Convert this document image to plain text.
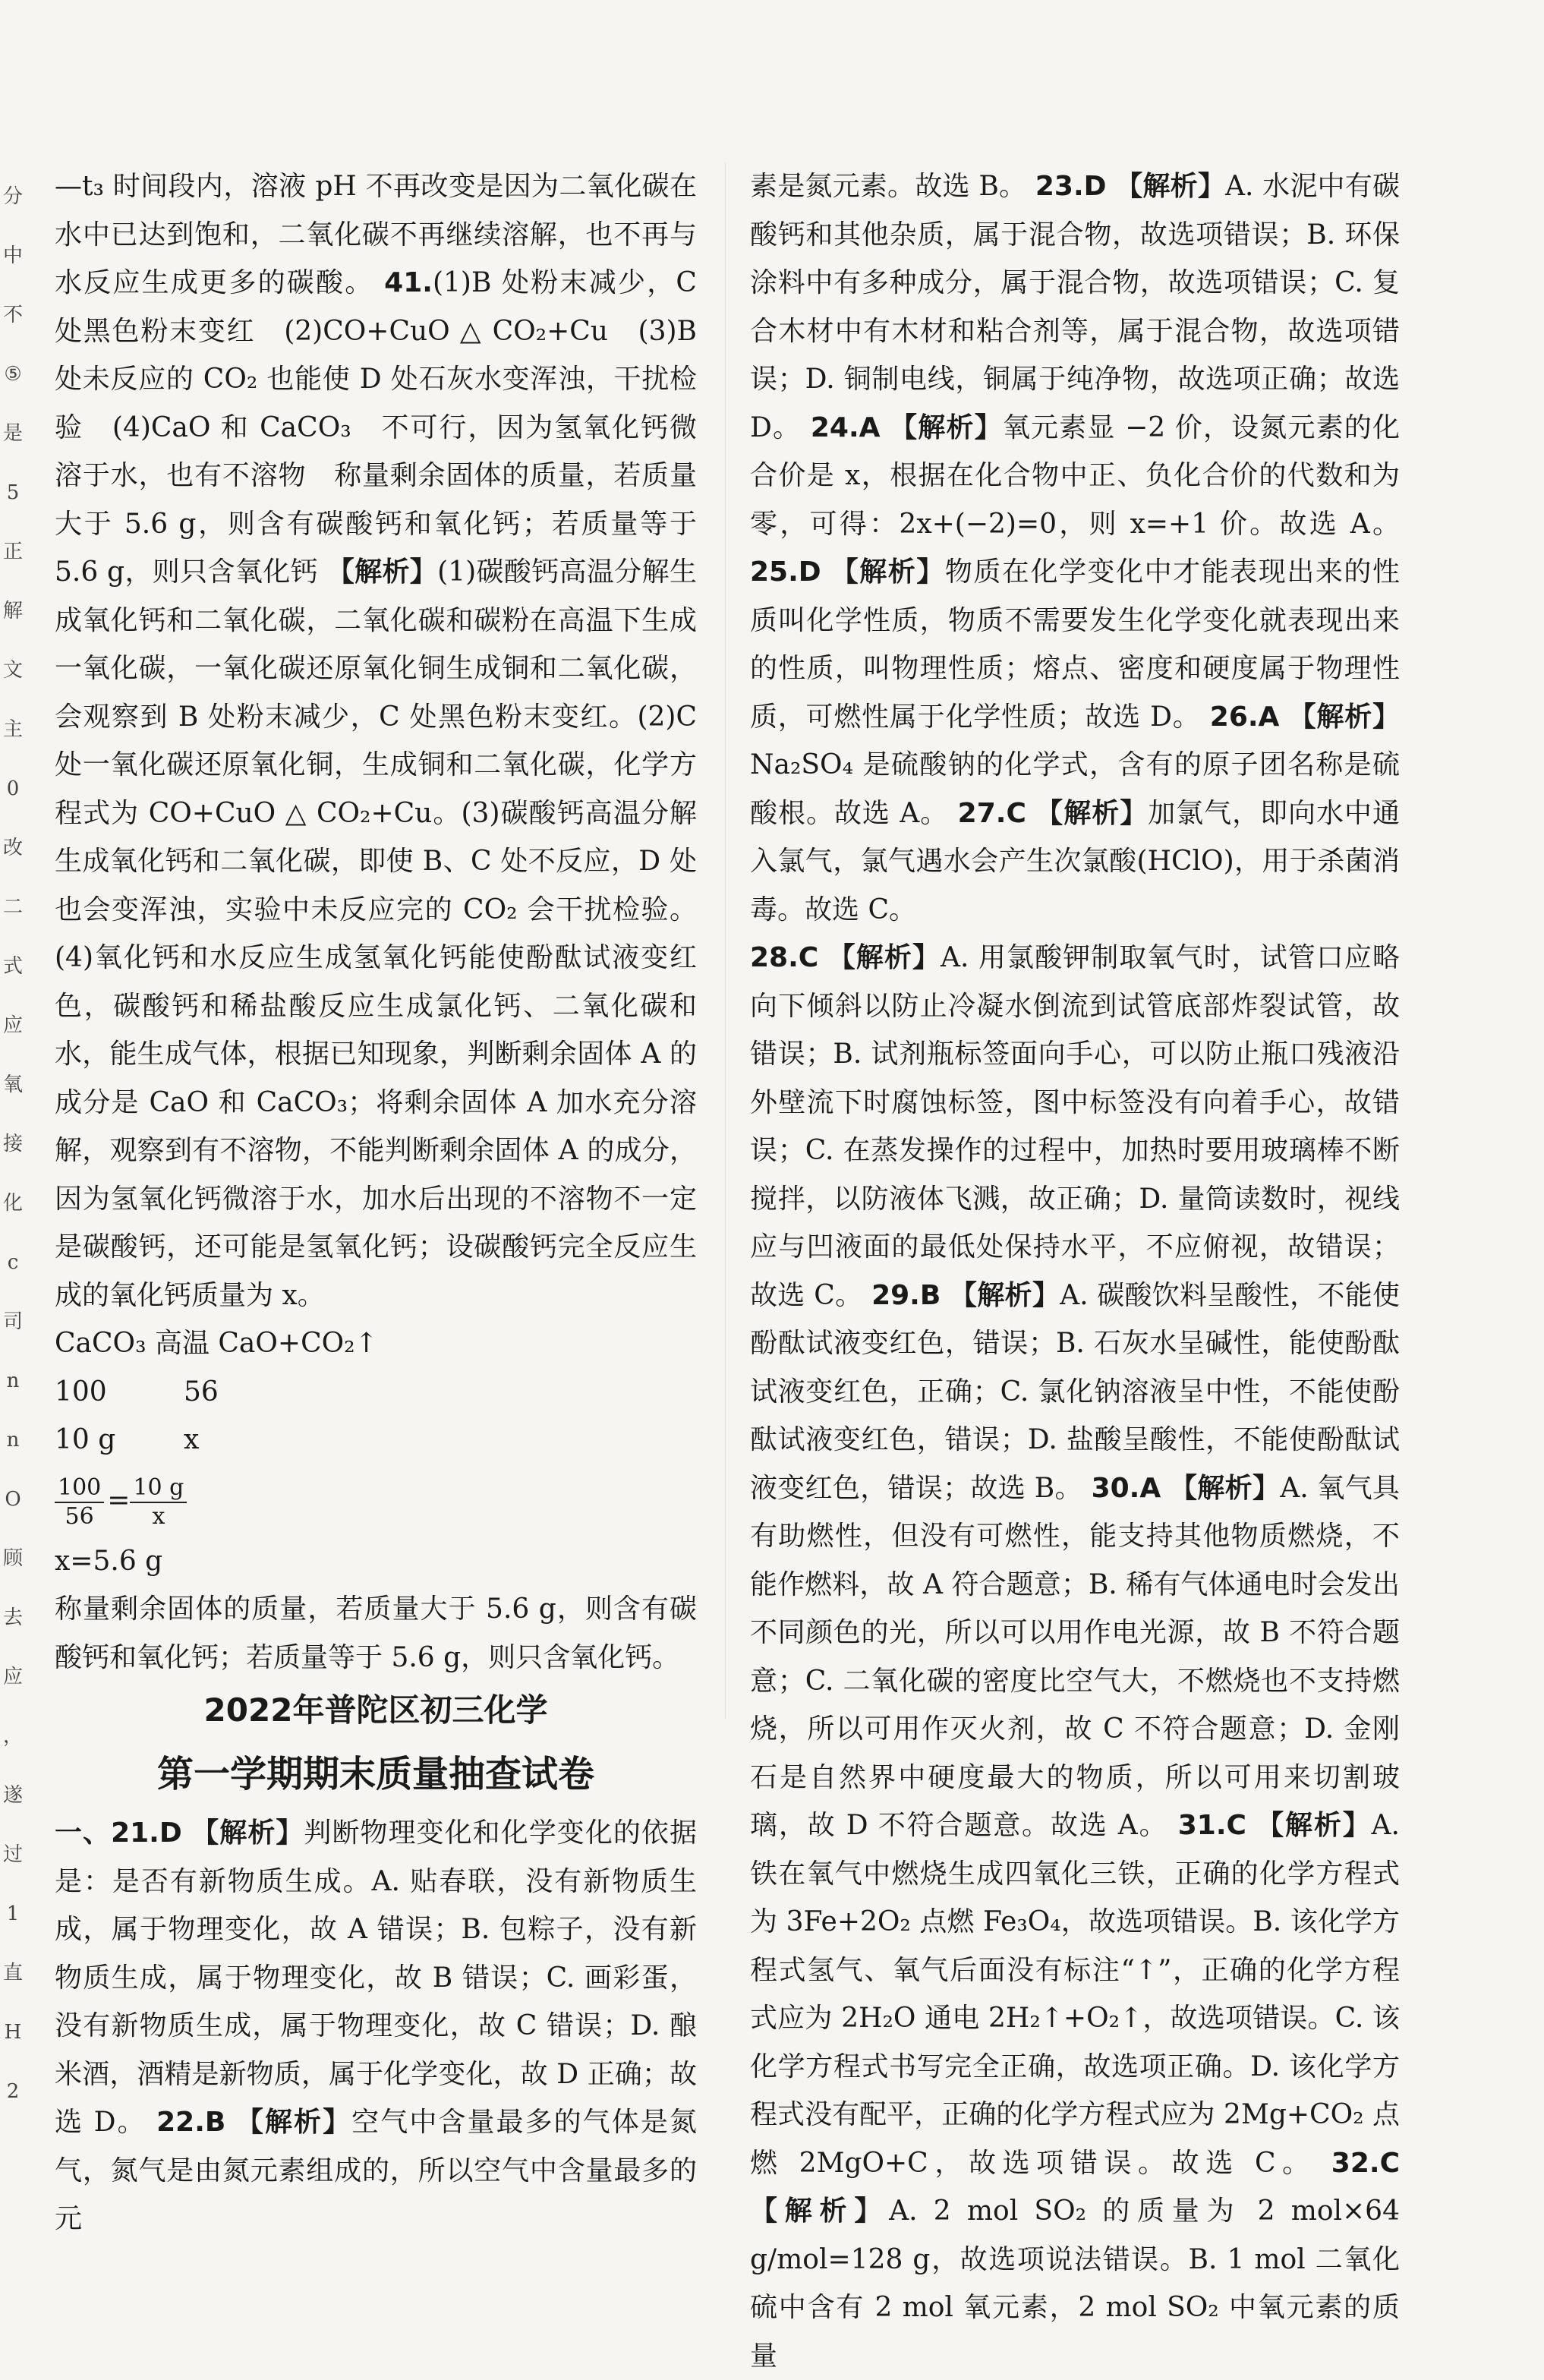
分
中
不
⑤
是
5
正
解
文
主
0
改
二
式
应
氧
接
化
c
司
n
n
O
顾
去
应
，
遂
过
1
直
H
2

—t₃ 时间段内，溶液 pH 不再改变是因为二氧化碳在水中已达到饱和，二氧化碳不再继续溶解，也不再与水反应生成更多的碳酸。 41.(1)B 处粉末减少，C 处黑色粉末变红　(2)CO+CuO △ CO₂+Cu　(3)B 处未反应的 CO₂ 也能使 D 处石灰水变浑浊，干扰检验　(4)CaO 和 CaCO₃　不可行，因为氢氧化钙微溶于水，也有不溶物　称量剩余固体的质量，若质量大于 5.6 g，则含有碳酸钙和氧化钙；若质量等于 5.6 g，则只含氧化钙 【解析】(1)碳酸钙高温分解生成氧化钙和二氧化碳，二氧化碳和碳粉在高温下生成一氧化碳，一氧化碳还原氧化铜生成铜和二氧化碳，会观察到 B 处粉末减少，C 处黑色粉末变红。(2)C 处一氧化碳还原氧化铜，生成铜和二氧化碳，化学方程式为 CO+CuO △ CO₂+Cu。(3)碳酸钙高温分解生成氧化钙和二氧化碳，即使 B、C 处不反应，D 处也会变浑浊，实验中未反应完的 CO₂ 会干扰检验。(4)氧化钙和水反应生成氢氧化钙能使酚酞试液变红色，碳酸钙和稀盐酸反应生成氯化钙、二氧化碳和水，能生成气体，根据已知现象，判断剩余固体 A 的成分是 CaO 和 CaCO₃；将剩余固体 A 加水充分溶解，观察到有不溶物，不能判断剩余固体 A 的成分，因为氢氧化钙微溶于水，加水后出现的不溶物不一定是碳酸钙，还可能是氢氧化钙；设碳酸钙完全反应生成的氧化钙质量为 x。

CaCO₃ 高温 CaO+CO₂↑

100	56

10 g	x

$\frac{100}{56} = \frac{10 g}{x}$

x=5.6 g

称量剩余固体的质量，若质量大于 5.6 g，则含有碳酸钙和氧化钙；若质量等于 5.6 g，则只含氧化钙。

2022年普陀区初三化学

第一学期期末质量抽查试卷

一、21.D 【解析】判断物理变化和化学变化的依据是：是否有新物质生成。A. 贴春联，没有新物质生成，属于物理变化，故 A 错误；B. 包粽子，没有新物质生成，属于物理变化，故 B 错误；C. 画彩蛋，没有新物质生成，属于物理变化，故 C 错误；D. 酿米酒，酒精是新物质，属于化学变化，故 D 正确；故选 D。 22.B 【解析】空气中含量最多的气体是氮气，氮气是由氮元素组成的，所以空气中含量最多的元

素是氮元素。故选 B。 23.D 【解析】A. 水泥中有碳酸钙和其他杂质，属于混合物，故选项错误；B. 环保涂料中有多种成分，属于混合物，故选项错误；C. 复合木材中有木材和粘合剂等，属于混合物，故选项错误；D. 铜制电线，铜属于纯净物，故选项正确；故选 D。 24.A 【解析】氧元素显 −2 价，设氮元素的化合价是 x，根据在化合物中正、负化合价的代数和为零，可得：2x+(−2)=0，则 x=+1 价。故选 A。 25.D 【解析】物质在化学变化中才能表现出来的性质叫化学性质，物质不需要发生化学变化就表现出来的性质，叫物理性质；熔点、密度和硬度属于物理性质，可燃性属于化学性质；故选 D。 26.A 【解析】Na₂SO₄ 是硫酸钠的化学式，含有的原子团名称是硫酸根。故选 A。 27.C 【解析】加氯气，即向水中通入氯气，氯气遇水会产生次氯酸(HClO)，用于杀菌消毒。故选 C。

28.C 【解析】A. 用氯酸钾制取氧气时，试管口应略向下倾斜以防止冷凝水倒流到试管底部炸裂试管，故错误；B. 试剂瓶标签面向手心，可以防止瓶口残液沿外壁流下时腐蚀标签，图中标签没有向着手心，故错误；C. 在蒸发操作的过程中，加热时要用玻璃棒不断搅拌，以防液体飞溅，故正确；D. 量筒读数时，视线应与凹液面的最低处保持水平，不应俯视，故错误；故选 C。 29.B 【解析】A. 碳酸饮料呈酸性，不能使酚酞试液变红色，错误；B. 石灰水呈碱性，能使酚酞试液变红色，正确；C. 氯化钠溶液呈中性，不能使酚酞试液变红色，错误；D. 盐酸呈酸性，不能使酚酞试液变红色，错误；故选 B。 30.A 【解析】A. 氧气具有助燃性，但没有可燃性，能支持其他物质燃烧，不能作燃料，故 A 符合题意；B. 稀有气体通电时会发出不同颜色的光，所以可以用作电光源，故 B 不符合题意；C. 二氧化碳的密度比空气大，不燃烧也不支持燃烧，所以可用作灭火剂，故 C 不符合题意；D. 金刚石是自然界中硬度最大的物质，所以可用来切割玻璃，故 D 不符合题意。故选 A。 31.C 【解析】A. 铁在氧气中燃烧生成四氧化三铁，正确的化学方程式为 3Fe+2O₂ 点燃 Fe₃O₄，故选项错误。B. 该化学方程式氢气、氧气后面没有标注“↑”，正确的化学方程式应为 2H₂O 通电 2H₂↑+O₂↑，故选项错误。C. 该化学方程式书写完全正确，故选项正确。D. 该化学方程式没有配平，正确的化学方程式应为 2Mg+CO₂ 点燃 2MgO+C，故选项错误。故选 C。 32.C 【解析】A. 2 mol SO₂ 的质量为 2 mol×64 g/mol=128 g，故选项说法错误。B. 1 mol 二氧化硫中含有 2 mol 氧元素，2 mol SO₂ 中氧元素的质量
